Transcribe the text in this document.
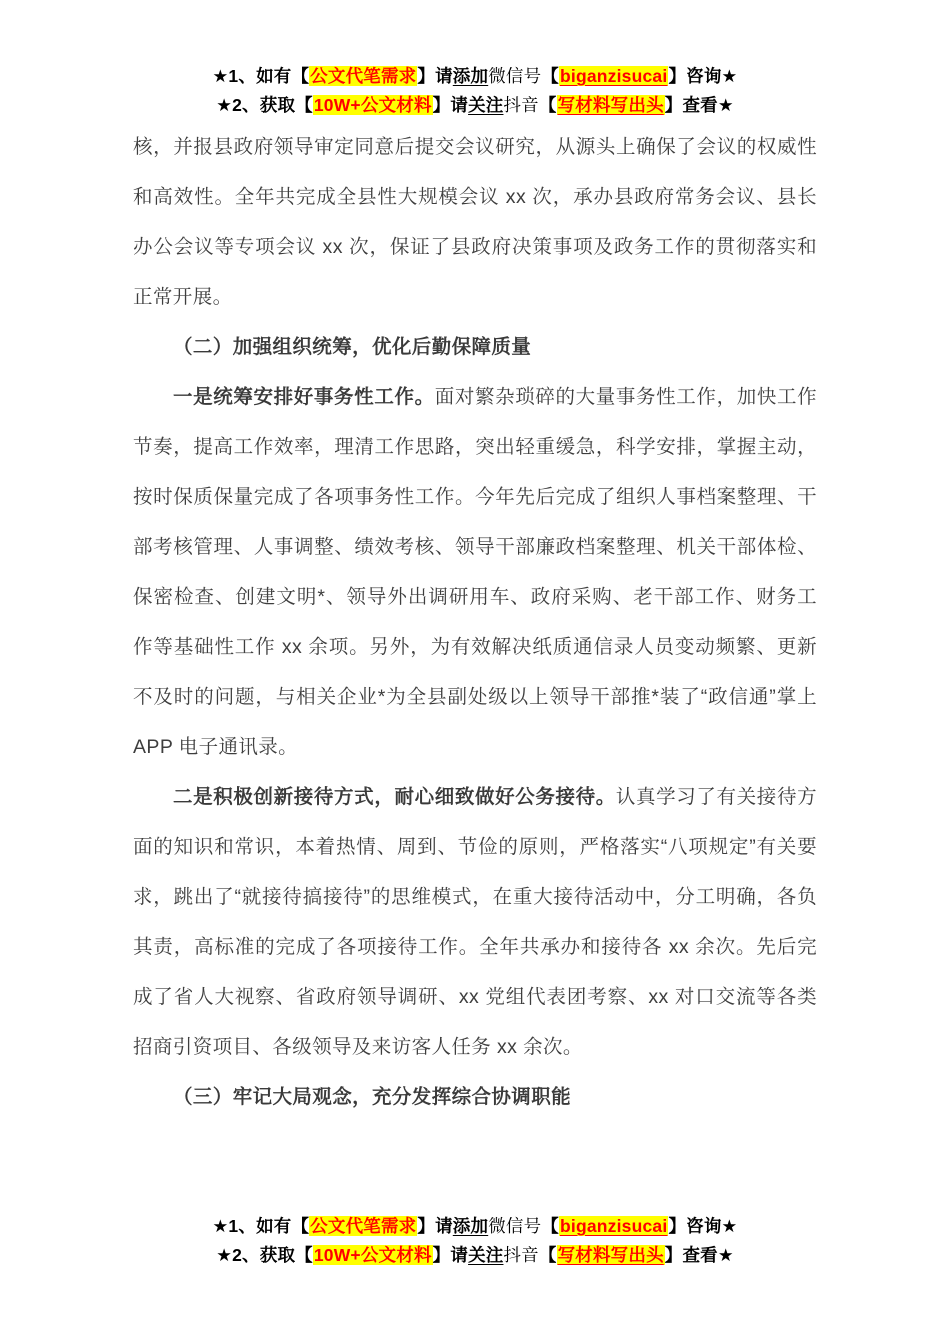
★1、如有【公文代笔需求】请添加微信号【biganzisucai】咨询★
★2、获取【10W+公文材料】请关注抖音【写材料写出头】查看★

核，并报县政府领导审定同意后提交会议研究，从源头上确保了会议的权威性和高效性。全年共完成全县性大规模会议 xx 次，承办县政府常务会议、县长办公会议等专项会议 xx 次，保证了县政府决策事项及政务工作的贯彻落实和正常开展。

（二）加强组织统筹，优化后勤保障质量

一是统筹安排好事务性工作。面对繁杂琐碎的大量事务性工作，加快工作节奏，提高工作效率，理清工作思路，突出轻重缓急，科学安排，掌握主动，按时保质保量完成了各项事务性工作。今年先后完成了组织人事档案整理、干部考核管理、人事调整、绩效考核、领导干部廉政档案整理、机关干部体检、保密检查、创建文明*、领导外出调研用车、政府采购、老干部工作、财务工作等基础性工作 xx 余项。另外，为有效解决纸质通信录人员变动频繁、更新不及时的问题，与相关企业*为全县副处级以上领导干部推*装了“政信通”掌上 APP 电子通讯录。

二是积极创新接待方式，耐心细致做好公务接待。认真学习了有关接待方面的知识和常识，本着热情、周到、节俭的原则，严格落实“八项规定”有关要求，跳出了“就接待搞接待”的思维模式，在重大接待活动中，分工明确，各负其责，高标准的完成了各项接待工作。全年共承办和接待各 xx 余次。先后完成了省人大视察、省政府领导调研、xx 党组代表团考察、xx 对口交流等各类招商引资项目、各级领导及来访客人任务 xx 余次。

（三）牢记大局观念，充分发挥综合协调职能

★1、如有【公文代笔需求】请添加微信号【biganzisucai】咨询★
★2、获取【10W+公文材料】请关注抖音【写材料写出头】查看★
